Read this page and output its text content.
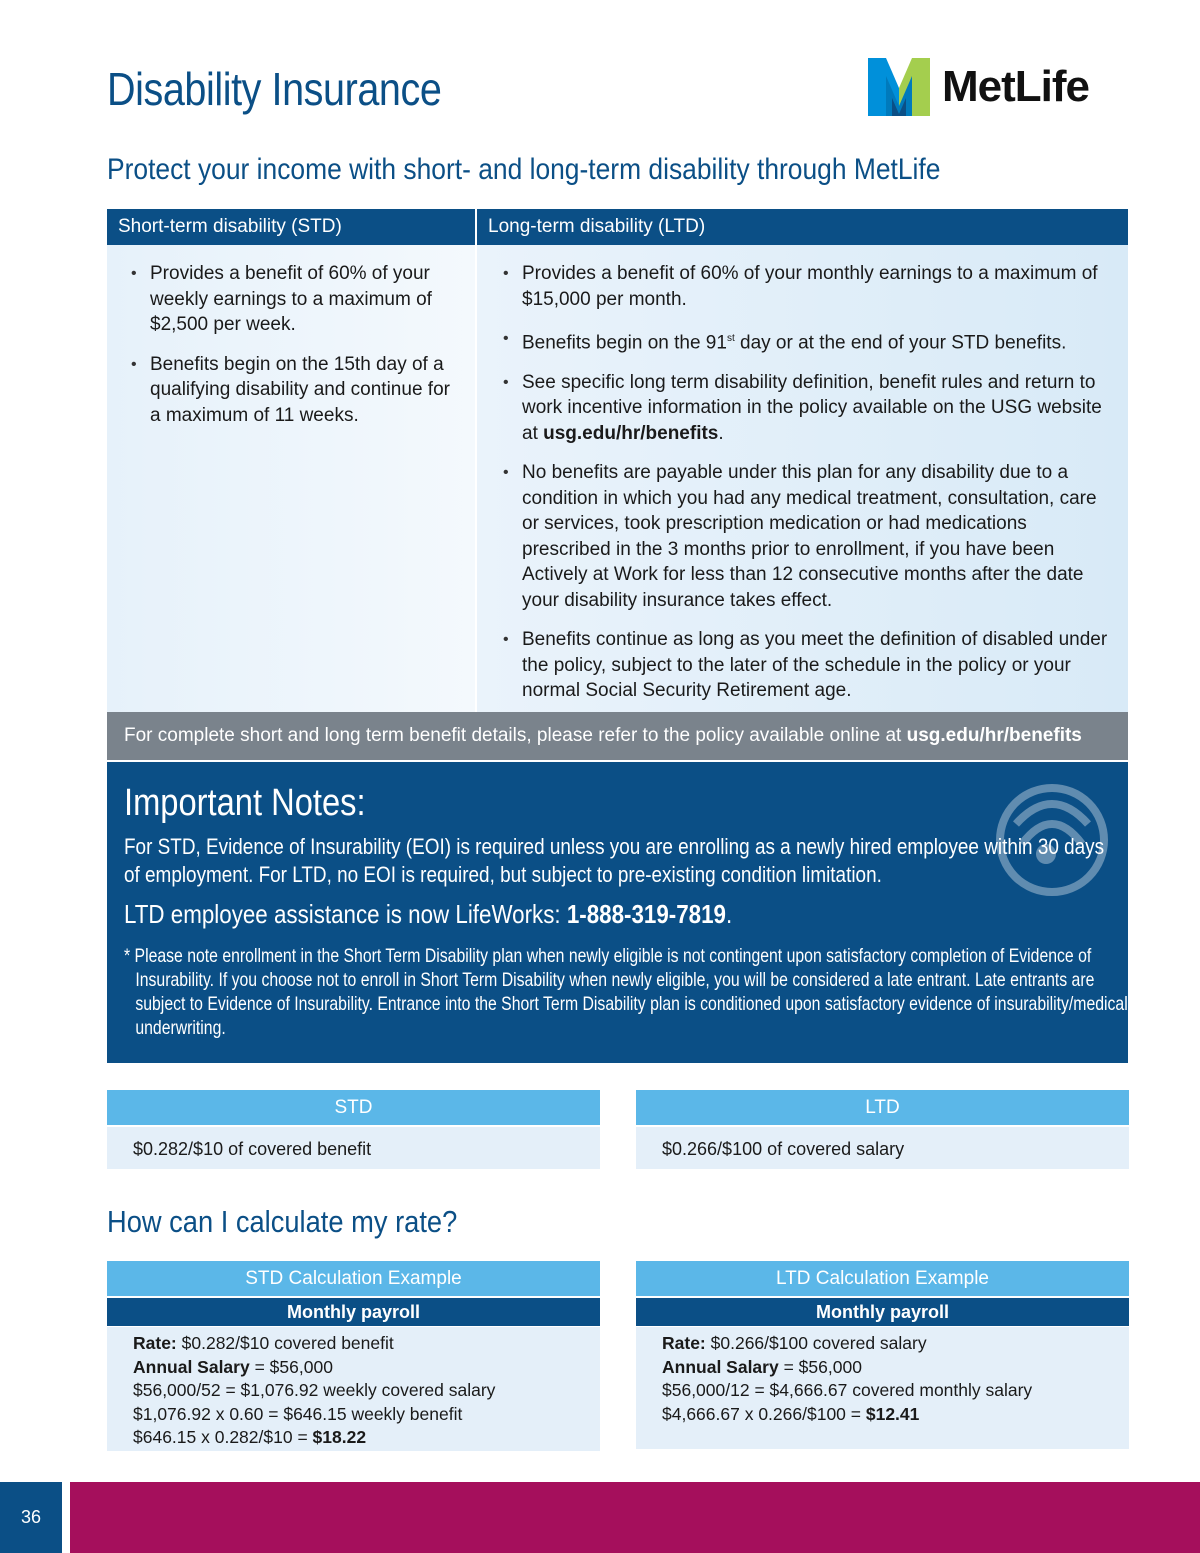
Disability Insurance	MetLife
Protect your income with short- and long-term disability through MetLife
Short-term disability (STD)	Long-term disability (LTD)
• Provides a benefit of 60% of your weekly earnings to a maximum of $2,500 per week.
• Benefits begin on the 15th day of a qualifying disability and continue for a maximum of 11 weeks.
• Provides a benefit of 60% of your monthly earnings to a maximum of $15,000 per month.
• Benefits begin on the 91st day or at the end of your STD benefits.
• See specific long term disability definition, benefit rules and return to work incentive information in the policy available on the USG website at usg.edu/hr/benefits.
• No benefits are payable under this plan for any disability due to a condition in which you had any medical treatment, consultation, care or services, took prescription medication or had medications prescribed in the 3 months prior to enrollment, if you have been Actively at Work for less than 12 consecutive months after the date your disability insurance takes effect.
• Benefits continue as long as you meet the definition of disabled under the policy, subject to the later of the schedule in the policy or your normal Social Security Retirement age.
For complete short and long term benefit details, please refer to the policy available online at
usg.edu/hr/benefits
Important Notes:
For STD, Evidence of Insurability (EOI) is required unless you are enrolling as a newly hired employee within 30 days of employment. For LTD, no EOI is required, but subject to pre-existing condition limitation.
LTD employee assistance is now LifeWorks: 1-888-319-7819.
* Please note enrollment in the Short Term Disability plan when newly eligible is not contingent upon satisfactory completion of Evidence of Insurability. If you choose not to enroll in Short Term Disability when newly eligible, you will be considered a late entrant. Late entrants are subject to Evidence of Insurability. Entrance into the Short Term Disability plan is conditioned upon satisfactory evidence of insurability/medical underwriting.
STD
$0.282/$10 of covered benefit
LTD
$0.266/$100 of covered salary
How can I calculate my rate?
STD Calculation Example
Monthly payroll
Rate: $0.282/$10 covered benefit
Annual Salary = $56,000
$56,000/52 = $1,076.92 weekly covered salary
$1,076.92 x 0.60 = $646.15 weekly benefit
$646.15 x 0.282/$10 = $18.22
LTD Calculation Example
Monthly payroll
Rate: $0.266/$100 covered salary
Annual Salary = $56,000
$56,000/12 = $4,666.67 covered monthly salary
$4,666.67 x 0.266/$100 = $12.41
36
